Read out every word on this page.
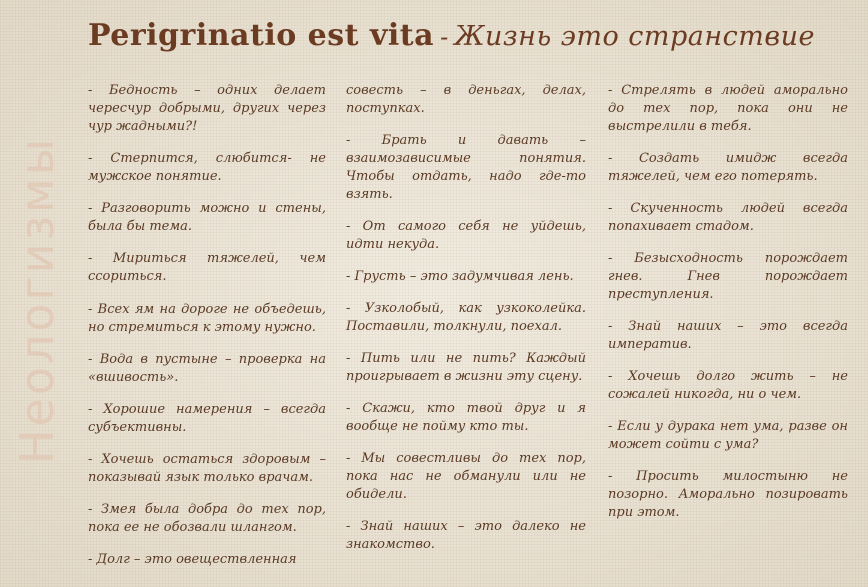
Perigrinatio est vita - Жизнь это странствие
Неологизмы

- Бедность – одних делает чересчур добрыми, других через чур жадными?!

- Стерпится, слюбится- не мужское понятие.

- Разговорить можно и стены, была бы тема.

- Мириться тяжелей, чем ссориться.

- Всех ям на дороге не объедешь, но стремиться к этому нужно.

- Вода в пустыне – проверка на «вшивость».

- Хорошие намерения – всегда субъективны.

- Хочешь остаться здоровым – показывай язык только врачам.

- Змея была добра до тех пор, пока ее не обозвали шлангом.

- Долг – это овеществленная

совесть – в деньгах, делах, поступках.

- Брать и давать – взаимозависимые понятия. Чтобы отдать, надо где-то взять.

- От самого себя не уйдешь, идти некуда.

- Грусть – это задумчивая лень.

- Узколобый, как узкоколейка. Поставили, толкнули, поехал.

- Пить или не пить? Каждый проигрывает в жизни эту сцену.

- Скажи, кто твой друг и я вообще не пойму кто ты.

- Мы совестливы до тех пор, пока нас не обманули или не обидели.

- Знай наших – это далеко не знакомство.

- Стрелять в людей аморально до тех пор, пока они не выстрелили в тебя.

- Создать имидж всегда тяжелей, чем его потерять.

- Скученность людей всегда попахивает стадом.

- Безысходность порождает гнев. Гнев порождает преступления.

- Знай наших – это всегда императив.

- Хочешь долго жить – не сожалей никогда, ни о чем.

- Если у дурака нет ума, разве он может сойти с ума?

- Просить милостыню не позорно. Аморально позировать при этом.
